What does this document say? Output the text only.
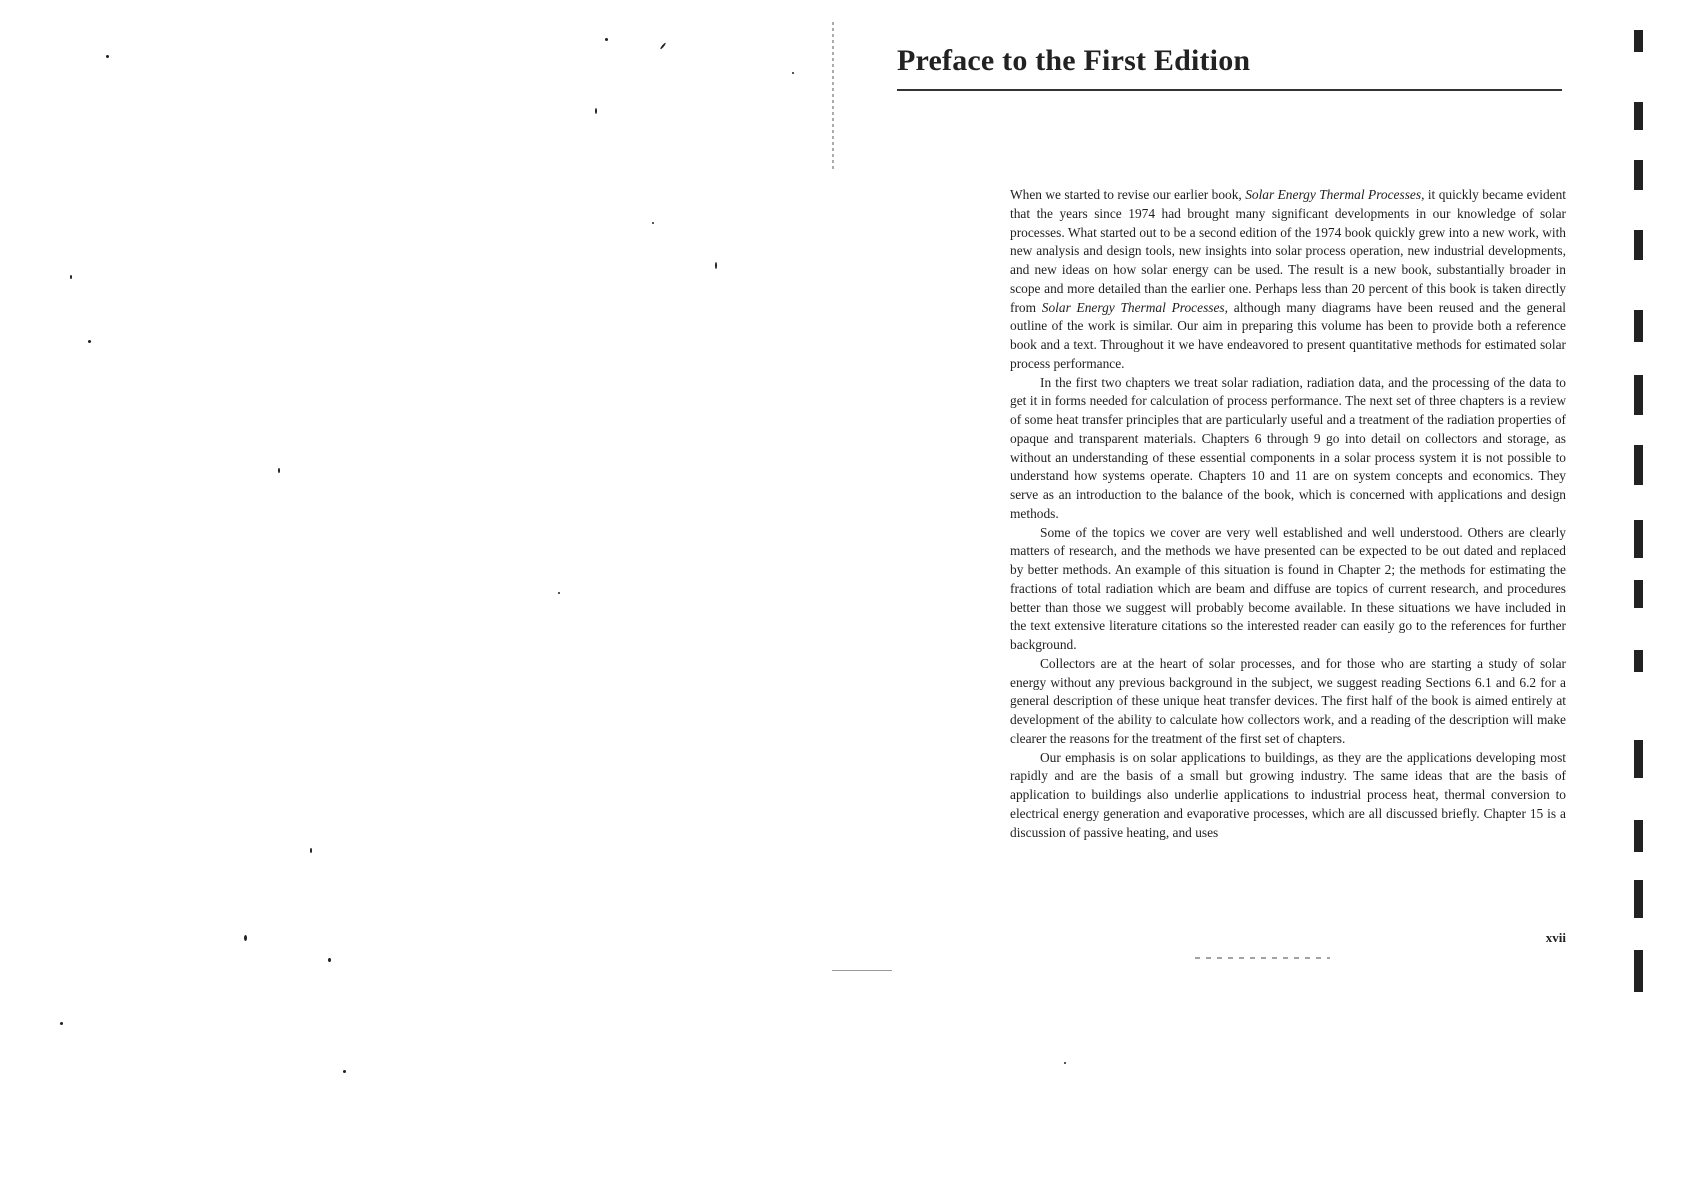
Preface to the First Edition

When we started to revise our earlier book, Solar Energy Thermal Processes, it quickly became evident that the years since 1974 had brought many significant developments in our knowledge of solar processes. What started out to be a second edition of the 1974 book quickly grew into a new work, with new analysis and design tools, new insights into solar process operation, new industrial developments, and new ideas on how solar energy can be used. The result is a new book, substantially broader in scope and more detailed than the earlier one. Perhaps less than 20 percent of this book is taken directly from Solar Energy Thermal Processes, although many diagrams have been reused and the general outline of the work is similar. Our aim in preparing this volume has been to provide both a reference book and a text. Throughout it we have endeavored to present quantitative methods for estimated solar process performance.

In the first two chapters we treat solar radiation, radiation data, and the processing of the data to get it in forms needed for calculation of process performance. The next set of three chapters is a review of some heat transfer principles that are particularly useful and a treatment of the radiation properties of opaque and transparent materials. Chapters 6 through 9 go into detail on collectors and storage, as without an understanding of these essential components in a solar process system it is not possible to understand how systems operate. Chapters 10 and 11 are on system concepts and economics. They serve as an introduction to the balance of the book, which is concerned with applications and design methods.

Some of the topics we cover are very well established and well understood. Others are clearly matters of research, and the methods we have presented can be expected to be out dated and replaced by better methods. An example of this situation is found in Chapter 2; the methods for estimating the fractions of total radiation which are beam and diffuse are topics of current research, and procedures better than those we suggest will probably become available. In these situations we have included in the text extensive literature citations so the interested reader can easily go to the references for further background.

Collectors are at the heart of solar processes, and for those who are starting a study of solar energy without any previous background in the subject, we suggest reading Sections 6.1 and 6.2 for a general description of these unique heat transfer devices. The first half of the book is aimed entirely at development of the ability to calculate how collectors work, and a reading of the description will make clearer the reasons for the treatment of the first set of chapters.

Our emphasis is on solar applications to buildings, as they are the applications developing most rapidly and are the basis of a small but growing industry. The same ideas that are the basis of application to buildings also underlie applications to industrial process heat, thermal conversion to electrical energy generation and evaporative processes, which are all discussed briefly. Chapter 15 is a discussion of passive heating, and uses

xvii
